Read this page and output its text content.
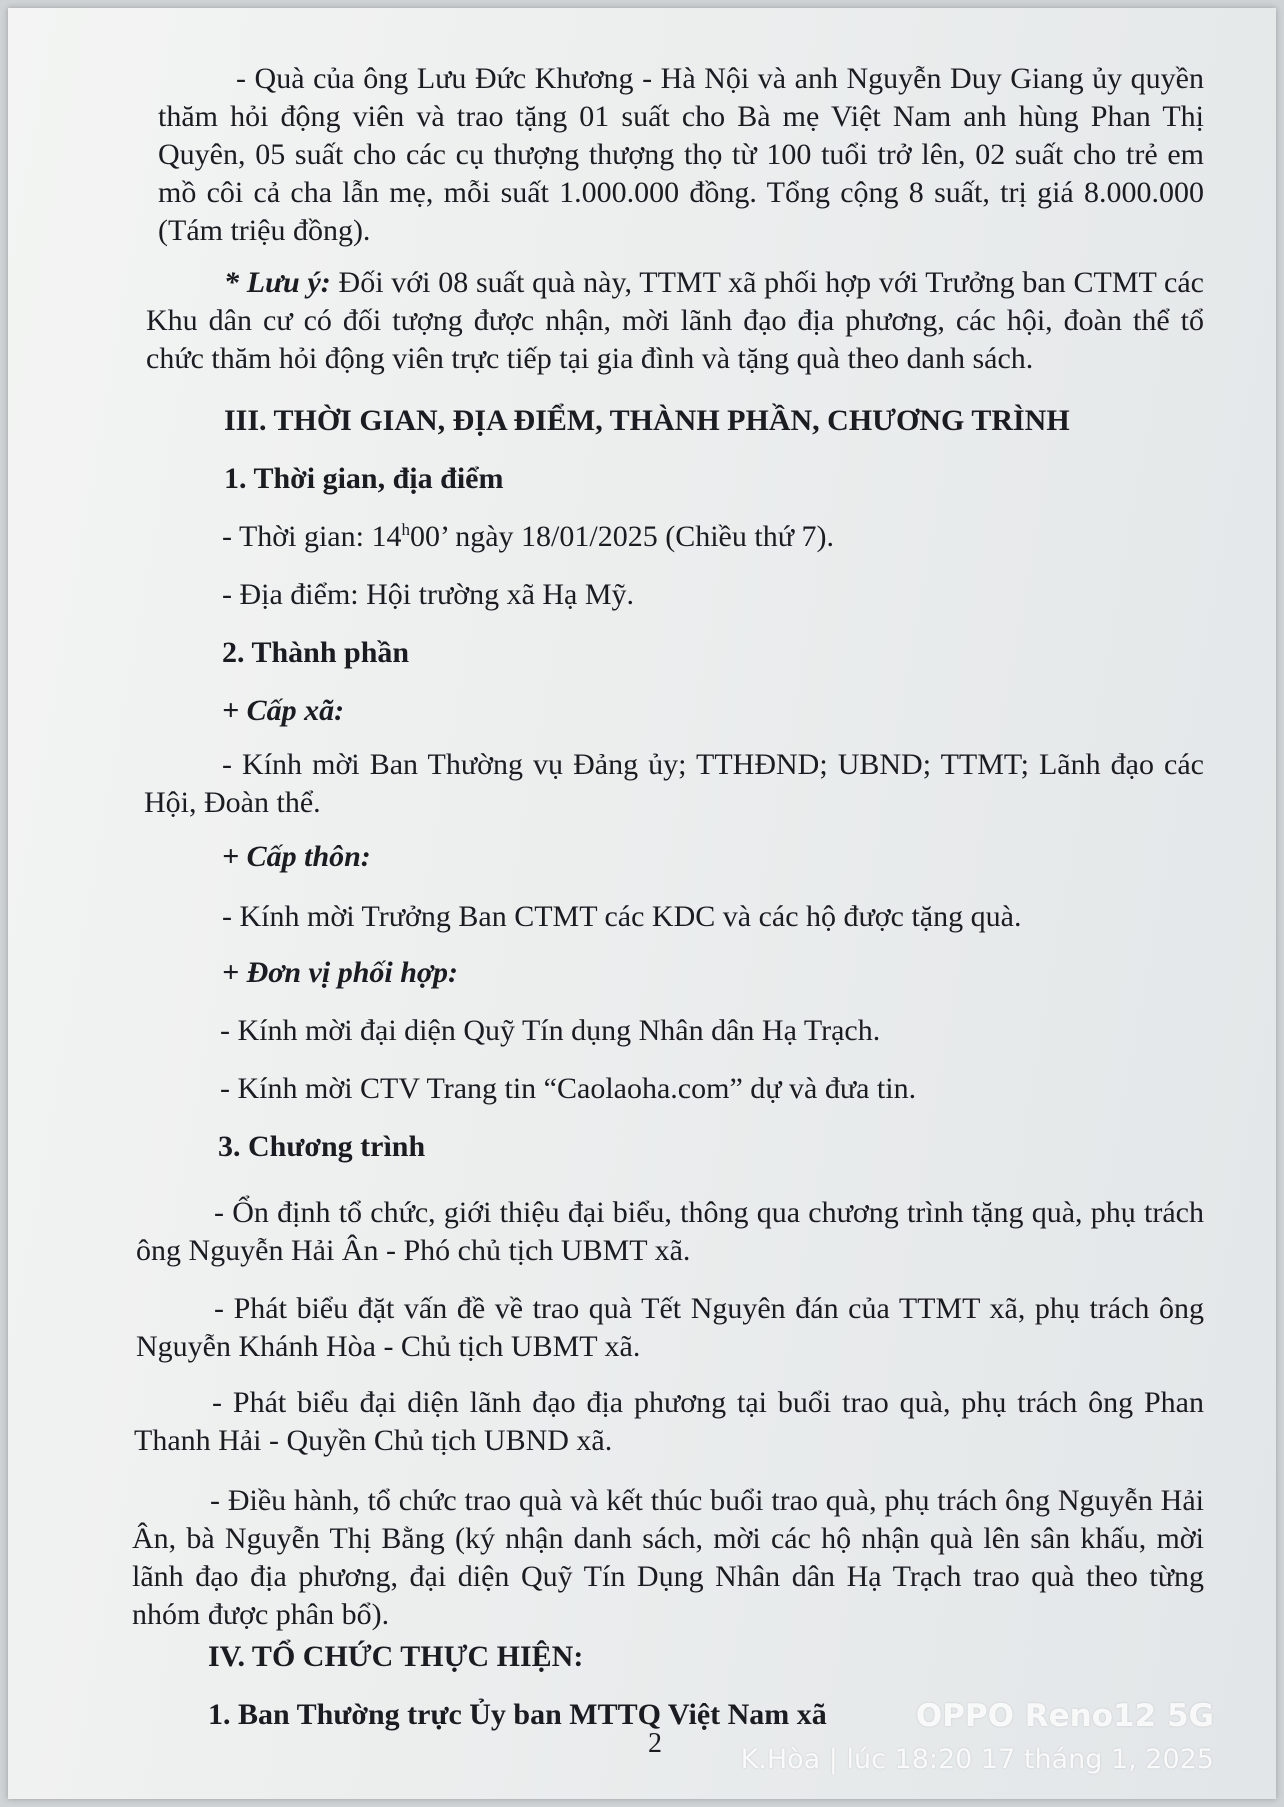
- Quà của ông Lưu Đức Khương - Hà Nội và anh Nguyễn Duy Giang ủy quyền thăm hỏi động viên và trao tặng 01 suất cho Bà mẹ Việt Nam anh hùng Phan Thị Quyên, 05 suất cho các cụ thượng thượng thọ từ 100 tuổi trở lên, 02 suất cho trẻ em mồ côi cả cha lẫn mẹ, mỗi suất 1.000.000 đồng. Tổng cộng 8 suất, trị giá 8.000.000 (Tám triệu đồng).

* Lưu ý: Đối với 08 suất quà này, TTMT xã phối hợp với Trưởng ban CTMT các Khu dân cư có đối tượng được nhận, mời lãnh đạo địa phương, các hội, đoàn thể tổ chức thăm hỏi động viên trực tiếp tại gia đình và tặng quà theo danh sách.

III. THỜI GIAN, ĐỊA ĐIỂM, THÀNH PHẦN, CHƯƠNG TRÌNH

1. Thời gian, địa điểm

- Thời gian: 14$^h$00’ ngày 18/01/2025 (Chiều thứ 7).

- Địa điểm: Hội trường xã Hạ Mỹ.

2. Thành phần

+ Cấp xã:

- Kính mời Ban Thường vụ Đảng ủy; TTHĐND; UBND; TTMT; Lãnh đạo các Hội, Đoàn thể.

+ Cấp thôn:

- Kính mời Trưởng Ban CTMT các KDC và các hộ được tặng quà.

+ Đơn vị phối hợp:

- Kính mời đại diện Quỹ Tín dụng Nhân dân Hạ Trạch.

- Kính mời CTV Trang tin “Caolaoha.com” dự và đưa tin.

3. Chương trình

- Ổn định tổ chức, giới thiệu đại biểu, thông qua chương trình tặng quà, phụ trách ông Nguyễn Hải Ân - Phó chủ tịch UBMT xã.

- Phát biểu đặt vấn đề về trao quà Tết Nguyên đán của TTMT xã, phụ trách ông Nguyễn Khánh Hòa - Chủ tịch UBMT xã.

- Phát biểu đại diện lãnh đạo địa phương tại buổi trao quà, phụ trách ông Phan Thanh Hải - Quyền Chủ tịch UBND xã.

- Điều hành, tổ chức trao quà và kết thúc buổi trao quà, phụ trách ông Nguyễn Hải Ân, bà Nguyễn Thị Bằng (ký nhận danh sách, mời các hộ nhận quà lên sân khấu, mời lãnh đạo địa phương, đại diện Quỹ Tín Dụng Nhân dân Hạ Trạch trao quà theo từng nhóm được phân bổ).

IV. TỔ CHỨC THỰC HIỆN:

1. Ban Thường trực Ủy ban MTTQ Việt Nam xã

2
OPPO Reno12 5G
K.Hòa | lúc 18:20 17 tháng 1, 2025
